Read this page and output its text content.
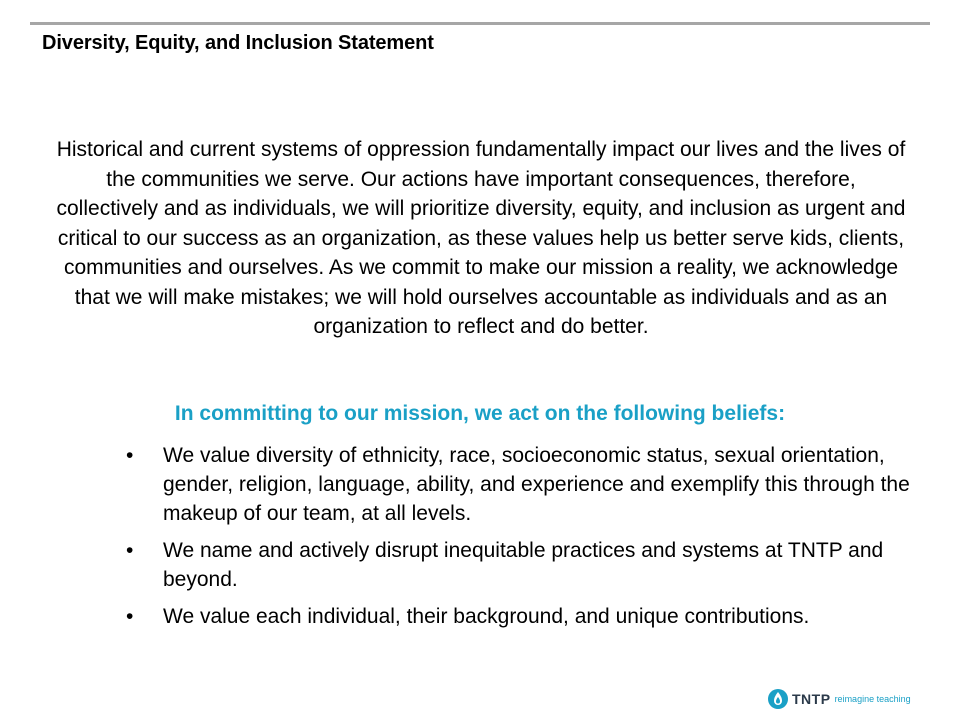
Diversity, Equity, and Inclusion Statement

Historical and current systems of oppression fundamentally impact our lives and the lives of the communities we serve. Our actions have important consequences, therefore, collectively and as individuals, we will prioritize diversity, equity, and inclusion as urgent and critical to our success as an organization, as these values help us better serve kids, clients, communities and ourselves. As we commit to make our mission a reality, we acknowledge that we will make mistakes; we will hold ourselves accountable as individuals and as an organization to reflect and do better.

In committing to our mission, we act on the following beliefs:
• We value diversity of ethnicity, race, socioeconomic status, sexual orientation, gender, religion, language, ability, and experience and exemplify this through the makeup of our team, at all levels.
• We name and actively disrupt inequitable practices and systems at TNTP and beyond.
• We value each individual, their background, and unique contributions.
TNTP reimagine teaching
